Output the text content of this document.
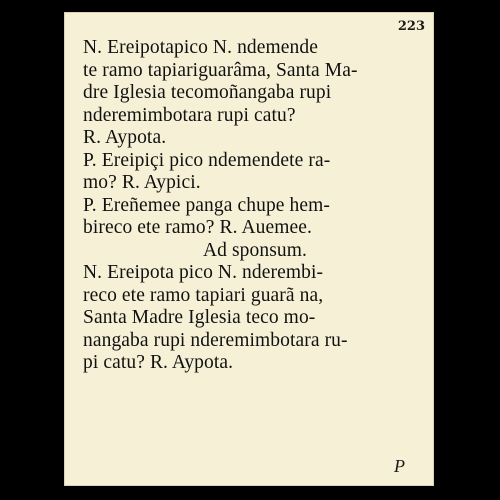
223
N. Ereipotapico N. ndemende
te ramo tapiariguarâma, Santa Ma-
dre Iglesia tecomoñangaba rupi
nderemimbotara rupi catu?
R. Aypota.
P. Ereipiçi pico ndemendete ra-
mo? R. Aypici.
P. Ereñemee panga chupe hem-
bireco ete ramo? R. Auemee.
Ad sponsum.
N. Ereipota pico N. nderembi-
reco ete ramo tapiari guarã na,
Santa Madre Iglesia teco mo-
nangaba rupi nderemimbotara ru-
pi catu? R. Aypota.
P
